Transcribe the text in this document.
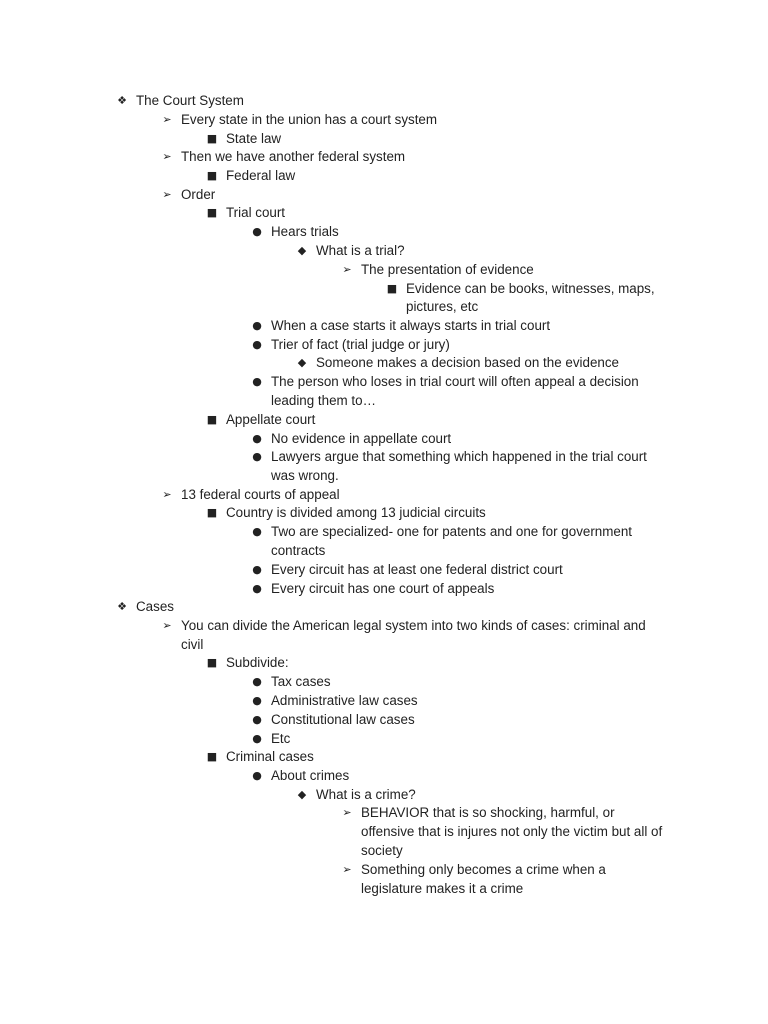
❖ The Court System
➢ Every state in the union has a court system
■ State law
➢ Then we have another federal system
■ Federal law
➢ Order
■ Trial court
● Hears trials
◆ What is a trial?
➢ The presentation of evidence
■ Evidence can be books, witnesses, maps,
pictures, etc
● When a case starts it always starts in trial court
● Trier of fact (trial judge or jury)
◆ Someone makes a decision based on the evidence
● The person who loses in trial court will often appeal a decision
leading them to…
■ Appellate court
● No evidence in appellate court
● Lawyers argue that something which happened in the trial court
was wrong.
➢ 13 federal courts of appeal
■ Country is divided among 13 judicial circuits
● Two are specialized- one for patents and one for government
contracts
● Every circuit has at least one federal district court
● Every circuit has one court of appeals
❖ Cases
➢ You can divide the American legal system into two kinds of cases: criminal and
civil
■ Subdivide:
● Tax cases
● Administrative law cases
● Constitutional law cases
● Etc
■ Criminal cases
● About crimes
◆ What is a crime?
➢ BEHAVIOR that is so shocking, harmful, or
offensive that is injures not only the victim but all of
society
➢ Something only becomes a crime when a
legislature makes it a crime
